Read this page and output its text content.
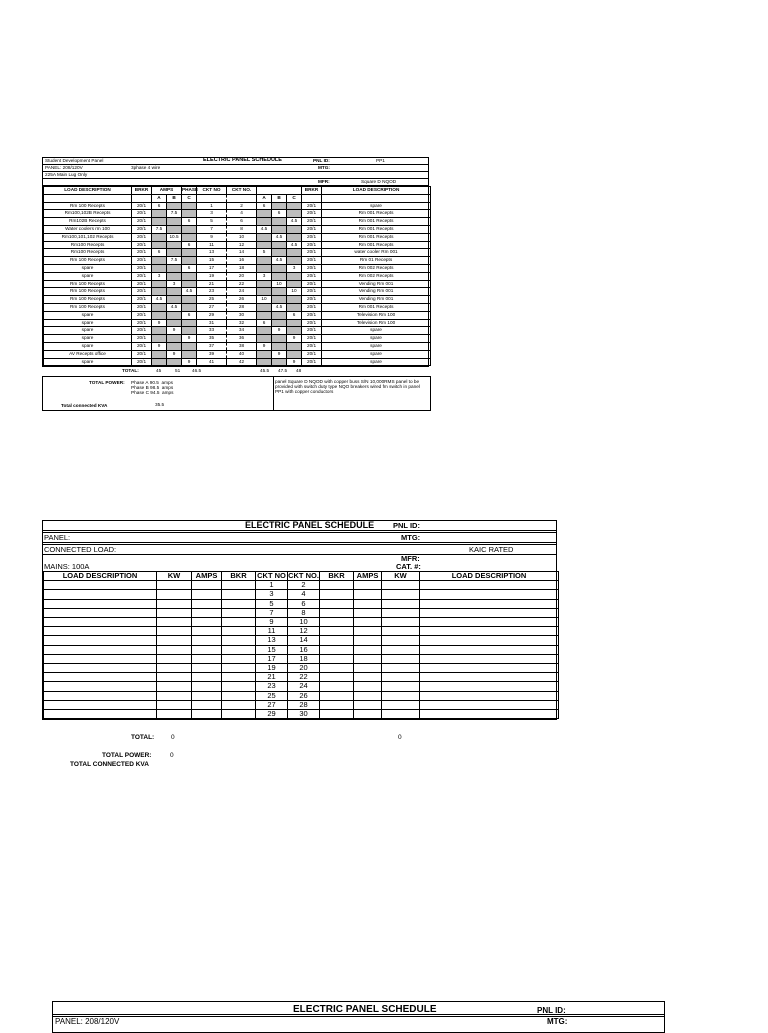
Student Development Panel	ELECTRIC PANEL SCHEDULE	PNL ID:	PP1
PANEL: 208/120V	3phase 4 wire	MTG:
225A Main Lug Only
MFR:	Square D NQOD
LOAD DESCRIPTION	BRKR	AMPS		PHASE	CKT NO	CKT NO.				BRKR	LOAD DESCRIPTION
		A	B	C			A	B	C		
Rm 100 Recepts	20/1	6			1	2	6			20/1	spare
Rm100,102B Recepts	20/1		7.5		3	4		6		20/1	Rm 001 Recepts
Rm102B Recepts	20/1			6	5	6			4.5	20/1	Rm 001 Recepts
Water coolers rm 100	20/1	7.5			7	8	4.5			20/1	Rm 001 Recepts
Rm100,101,102 Recepts	20/1		10.5		9	10		4.5		20/1	Rm 001 Recepts
Rm100 Recepts	20/1			6	11	12			4.5	20/1	Rm 001 Recepts
Rm100 Recepts	20/1	6			13	14	5			20/1	water cooler Rm 001
Rm 100 Recepts	20/1		7.5		15	16		4.5		20/1	Rm 01 Recepts
spare	20/1			6	17	18			3	20/1	Rm 002 Recepts
spare	20/1	3			19	20	3			20/1	Rm 002 Recepts
Rm 100 Recepts	20/1		3		21	22		10		20/1	Vending Rm 001
Rm 100 Recepts	20/1			4.5	23	24			10	20/1	Vending Rm 001
Rm 100 Recepts	20/1	4.5			25	26	10			20/1	Vending Rm 001
Rm 100 Recepts	20/1		4.5		27	28		4.5		20/1	Rm 001 Recepts
spare	20/1			6	29	30			6	20/1	Television Rm 100
spare	20/1	9			31	32	6			20/1	Television Rm 100
spare	20/1		9		33	34		9		20/1	spare
spare	20/1			9	35	36			9	20/1	spare
spare	20/1	9			37	38	9			20/1	spare
AV Recepts office	20/1		9		39	40		9		20/1	spare
spare	20/1			9	41	42			9	20/1	spare
TOTAL:	45	51	46.5	45.5 47.5 48
TOTAL POWER: Phase A 90.5 amps
Phase B 98.5 amps
Phase C 94.5 amps
Total connected KVA	35.5
panel Square D NQOD with copper buss S/N 10,000RMS panel to be provided with switch duty type NQO breakers wired fm switch in panel PP1 with copper conductors
ELECTRIC PANEL SCHEDULE	PNL ID:
PANEL:	MTG:
CONNECTED LOAD:	KAIC RATED
MFR:
MAINS: 100A	CAT. #:
LOAD DESCRIPTION	KW	AMPS	BKR	CKT NO	CKT NO.	BKR	AMPS	KW	LOAD DESCRIPTION
				1	2				
				3	4				
				5	6				
				7	8				
				9	10				
				11	12				
				13	14				
				15	16				
				17	18				
				19	20				
				21	22				
				23	24				
				25	26				
				27	28				
				29	30				
TOTAL:	0	0
TOTAL POWER:
TOTAL CONNECTED KVA
0
ELECTRIC PANEL SCHEDULE	PNL ID:
PANEL: 208/120V	MTG:
